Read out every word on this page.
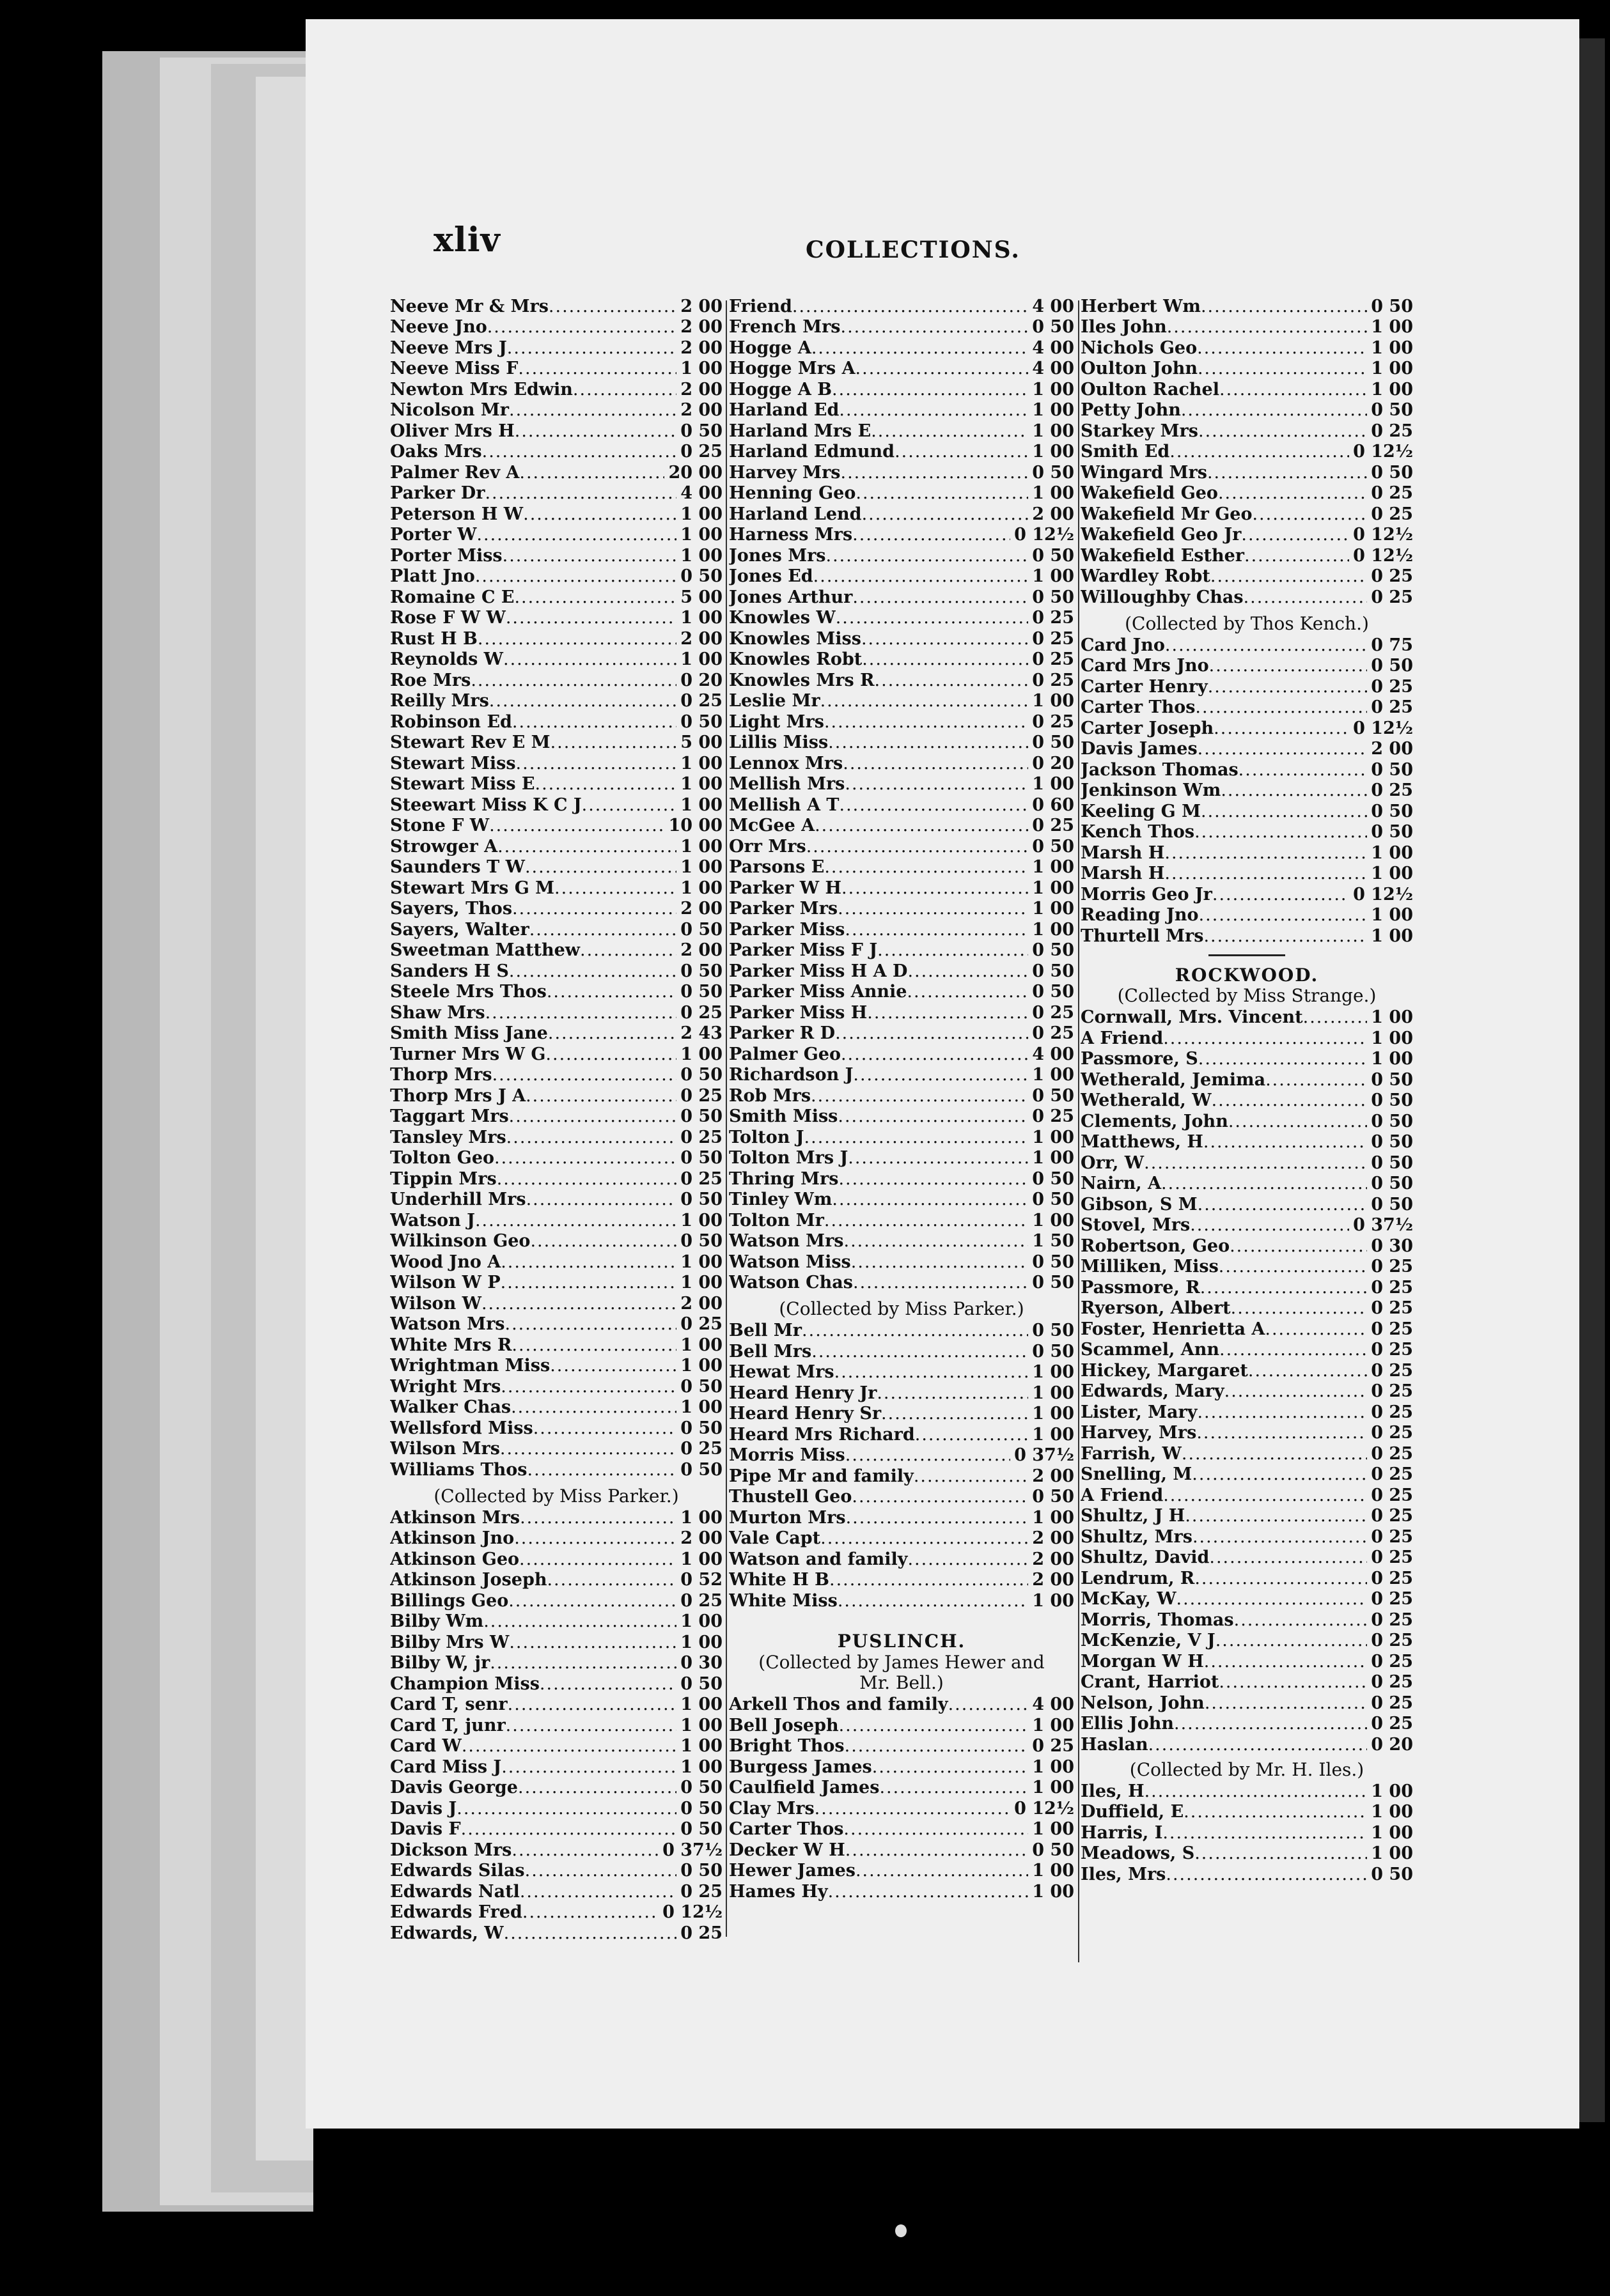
xliv	COLLECTIONS.
Neeve Mr & Mrs .....	2 00
Neeve Jno .....	2 00
Neeve Mrs J .....	2 00
Neeve Miss F .....	1 00
Newton Mrs Edwin .....	2 00
Nicolson Mr .....	2 00
Oliver Mrs H .....	0 50
Oaks Mrs .....	0 25
Palmer Rev A .....	20 00
Parker Dr .....	4 00
Peterson H W .....	1 00
Porter W .....	1 00
Porter Miss .....	1 00
Platt Jno .....	0 50
Romaine C E .....	5 00
Rose F W W .....	1 00
Rust H B .....	2 00
Reynolds W .....	1 00
Roe Mrs .....	0 20
Reilly Mrs .....	0 25
Robinson Ed .....	0 50
Stewart Rev E M .....	5 00
Stewart Miss .....	1 00
Stewart Miss E .....	1 00
Steewart Miss K C J .....	1 00
Stone F W .....	10 00
Strowger A .....	1 00
Saunders T W .....	1 00
Stewart Mrs G M .....	1 00
Sayers, Thos .....	2 00
Sayers, Walter .....	0 50
Sweetman Matthew .....	2 00
Sanders H S .....	0 50
Steele Mrs Thos .....	0 50
Shaw Mrs .....	0 25
Smith Miss Jane .....	2 43
Turner Mrs W G .....	1 00
Thorp Mrs .....	0 50
Thorp Mrs J A .....	0 25
Taggart Mrs .....	0 50
Tansley Mrs .....	0 25
Tolton Geo .....	0 50
Tippin Mrs .....	0 25
Underhill Mrs .....	0 50
Watson J .....	1 00
Wilkinson Geo .....	0 50
Wood Jno A .....	1 00
Wilson W P .....	1 00
Wilson W .....	2 00
Watson Mrs .....	0 25
White Mrs R .....	1 00
Wrightman Miss .....	1 00
Wright Mrs .....	0 50
Walker Chas .....	1 00
Wellsford Miss .....	0 50
Wilson Mrs .....	0 25
Williams Thos .....	0 50
(Collected by Miss Parker.)
Atkinson Mrs .....	1 00
Atkinson Jno .....	2 00
Atkinson Geo .....	1 00
Atkinson Joseph .....	0 52
Billings Geo .....	0 25
Bilby Wm .....	1 00
Bilby Mrs W .....	1 00
Bilby W, jr .....	0 30
Champion Miss .....	0 50
Card T, senr .....	1 00
Card T, junr .....	1 00
Card W .....	1 00
Card Miss J .....	1 00
Davis George .....	0 50
Davis J .....	0 50
Davis F .....	0 50
Dickson Mrs .....	0 37½
Edwards Silas .....	0 50
Edwards Natl .....	0 25
Edwards Fred .....	0 12½
Edwards, W .....	0 25
Friend .....	4 00
French Mrs .....	0 50
Hogge A .....	4 00
Hogge Mrs A .....	4 00
Hogge A B .....	1 00
Harland Ed .....	1 00
Harland Mrs E .....	1 00
Harland Edmund .....	1 00
Harvey Mrs .....	0 50
Henning Geo .....	1 00
Harland Lend .....	2 00
Harness Mrs .....	0 12½
Jones Mrs .....	0 50
Jones Ed .....	1 00
Jones Arthur .....	0 50
Knowles W .....	0 25
Knowles Miss .....	0 25
Knowles Robt .....	0 25
Knowles Mrs R .....	0 25
Leslie Mr .....	1 00
Light Mrs .....	0 25
Lillis Miss .....	0 50
Lennox Mrs .....	0 20
Mellish Mrs .....	1 00
Mellish A T .....	0 60
McGee A .....	0 25
Orr Mrs .....	0 50
Parsons E .....	1 00
Parker W H .....	1 00
Parker Mrs .....	1 00
Parker Miss .....	1 00
Parker Miss F J .....	0 50
Parker Miss H A D .....	0 50
Parker Miss Annie .....	0 50
Parker Miss H .....	0 25
Parker R D .....	0 25
Palmer Geo .....	4 00
Richardson J .....	1 00
Rob Mrs .....	0 50
Smith Miss .....	0 25
Tolton J .....	1 00
Tolton Mrs J .....	1 00
Thring Mrs .....	0 50
Tinley Wm .....	0 50
Tolton Mr .....	1 00
Watson Mrs .....	1 50
Watson Miss .....	0 50
Watson Chas .....	0 50
(Collected by Miss Parker.)
Bell Mr .....	0 50
Bell Mrs .....	0 50
Hewat Mrs .....	1 00
Heard Henry Jr .....	1 00
Heard Henry Sr .....	1 00
Heard Mrs Richard .....	1 00
Morris Miss .....	0 37½
Pipe Mr and family .....	2 00
Thustell Geo .....	0 50
Murton Mrs .....	1 00
Vale Capt .....	2 00
Watson and family .....	2 00
White H B .....	2 00
White Miss .....	1 00
PUSLINCH.
(Collected by James Hewer and
Mr. Bell.)
Arkell Thos and family .....	4 00
Bell Joseph .....	1 00
Bright Thos .....	0 25
Burgess James .....	1 00
Caulfield James .....	1 00
Clay Mrs .....	0 12½
Carter Thos .....	1 00
Decker W H .....	0 50
Hewer James .....	1 00
Hames Hy .....	1 00
Herbert Wm .....	0 50
Iles John .....	1 00
Nichols Geo .....	1 00
Oulton John .....	1 00
Oulton Rachel .....	1 00
Petty John .....	0 50
Starkey Mrs .....	0 25
Smith Ed .....	0 12½
Wingard Mrs .....	0 50
Wakefield Geo .....	0 25
Wakefield Mr Geo .....	0 25
Wakefield Geo Jr .....	0 12½
Wakefield Esther .....	0 12½
Wardley Robt .....	0 25
Willoughby Chas .....	0 25
(Collected by Thos Kench.)
Card Jno .....	0 75
Card Mrs Jno .....	0 50
Carter Henry .....	0 25
Carter Thos .....	0 25
Carter Joseph .....	0 12½
Davis James .....	2 00
Jackson Thomas .....	0 50
Jenkinson Wm .....	0 25
Keeling G M .....	0 50
Kench Thos .....	0 50
Marsh H .....	1 00
Marsh H .....	1 00
Morris Geo Jr .....	0 12½
Reading Jno .....	1 00
Thurtell Mrs .....	1 00
ROCKWOOD.
(Collected by Miss Strange.)
Cornwall, Mrs. Vincent .....	1 00
A Friend .....	1 00
Passmore, S .....	1 00
Wetherald, Jemima .....	0 50
Wetherald, W .....	0 50
Clements, John .....	0 50
Matthews, H .....	0 50
Orr, W .....	0 50
Nairn, A .....	0 50
Gibson, S M .....	0 50
Stovel, Mrs .....	0 37½
Robertson, Geo .....	0 30
Milliken, Miss .....	0 25
Passmore, R .....	0 25
Ryerson, Albert .....	0 25
Foster, Henrietta A .....	0 25
Scammel, Ann .....	0 25
Hickey, Margaret .....	0 25
Edwards, Mary .....	0 25
Lister, Mary .....	0 25
Harvey, Mrs .....	0 25
Farrish, W .....	0 25
Snelling, M .....	0 25
A Friend .....	0 25
Shultz, J H .....	0 25
Shultz, Mrs .....	0 25
Shultz, David .....	0 25
Lendrum, R .....	0 25
McKay, W .....	0 25
Morris, Thomas .....	0 25
McKenzie, V J .....	0 25
Morgan W H .....	0 25
Crant, Harriot .....	0 25
Nelson, John .....	0 25
Ellis John .....	0 25
Haslan .....	0 20
(Collected by Mr. H. Iles.)
Iles, H .....	1 00
Duffield, E .....	1 00
Harris, I .....	1 00
Meadows, S .....	1 00
Iles, Mrs .....	0 50
